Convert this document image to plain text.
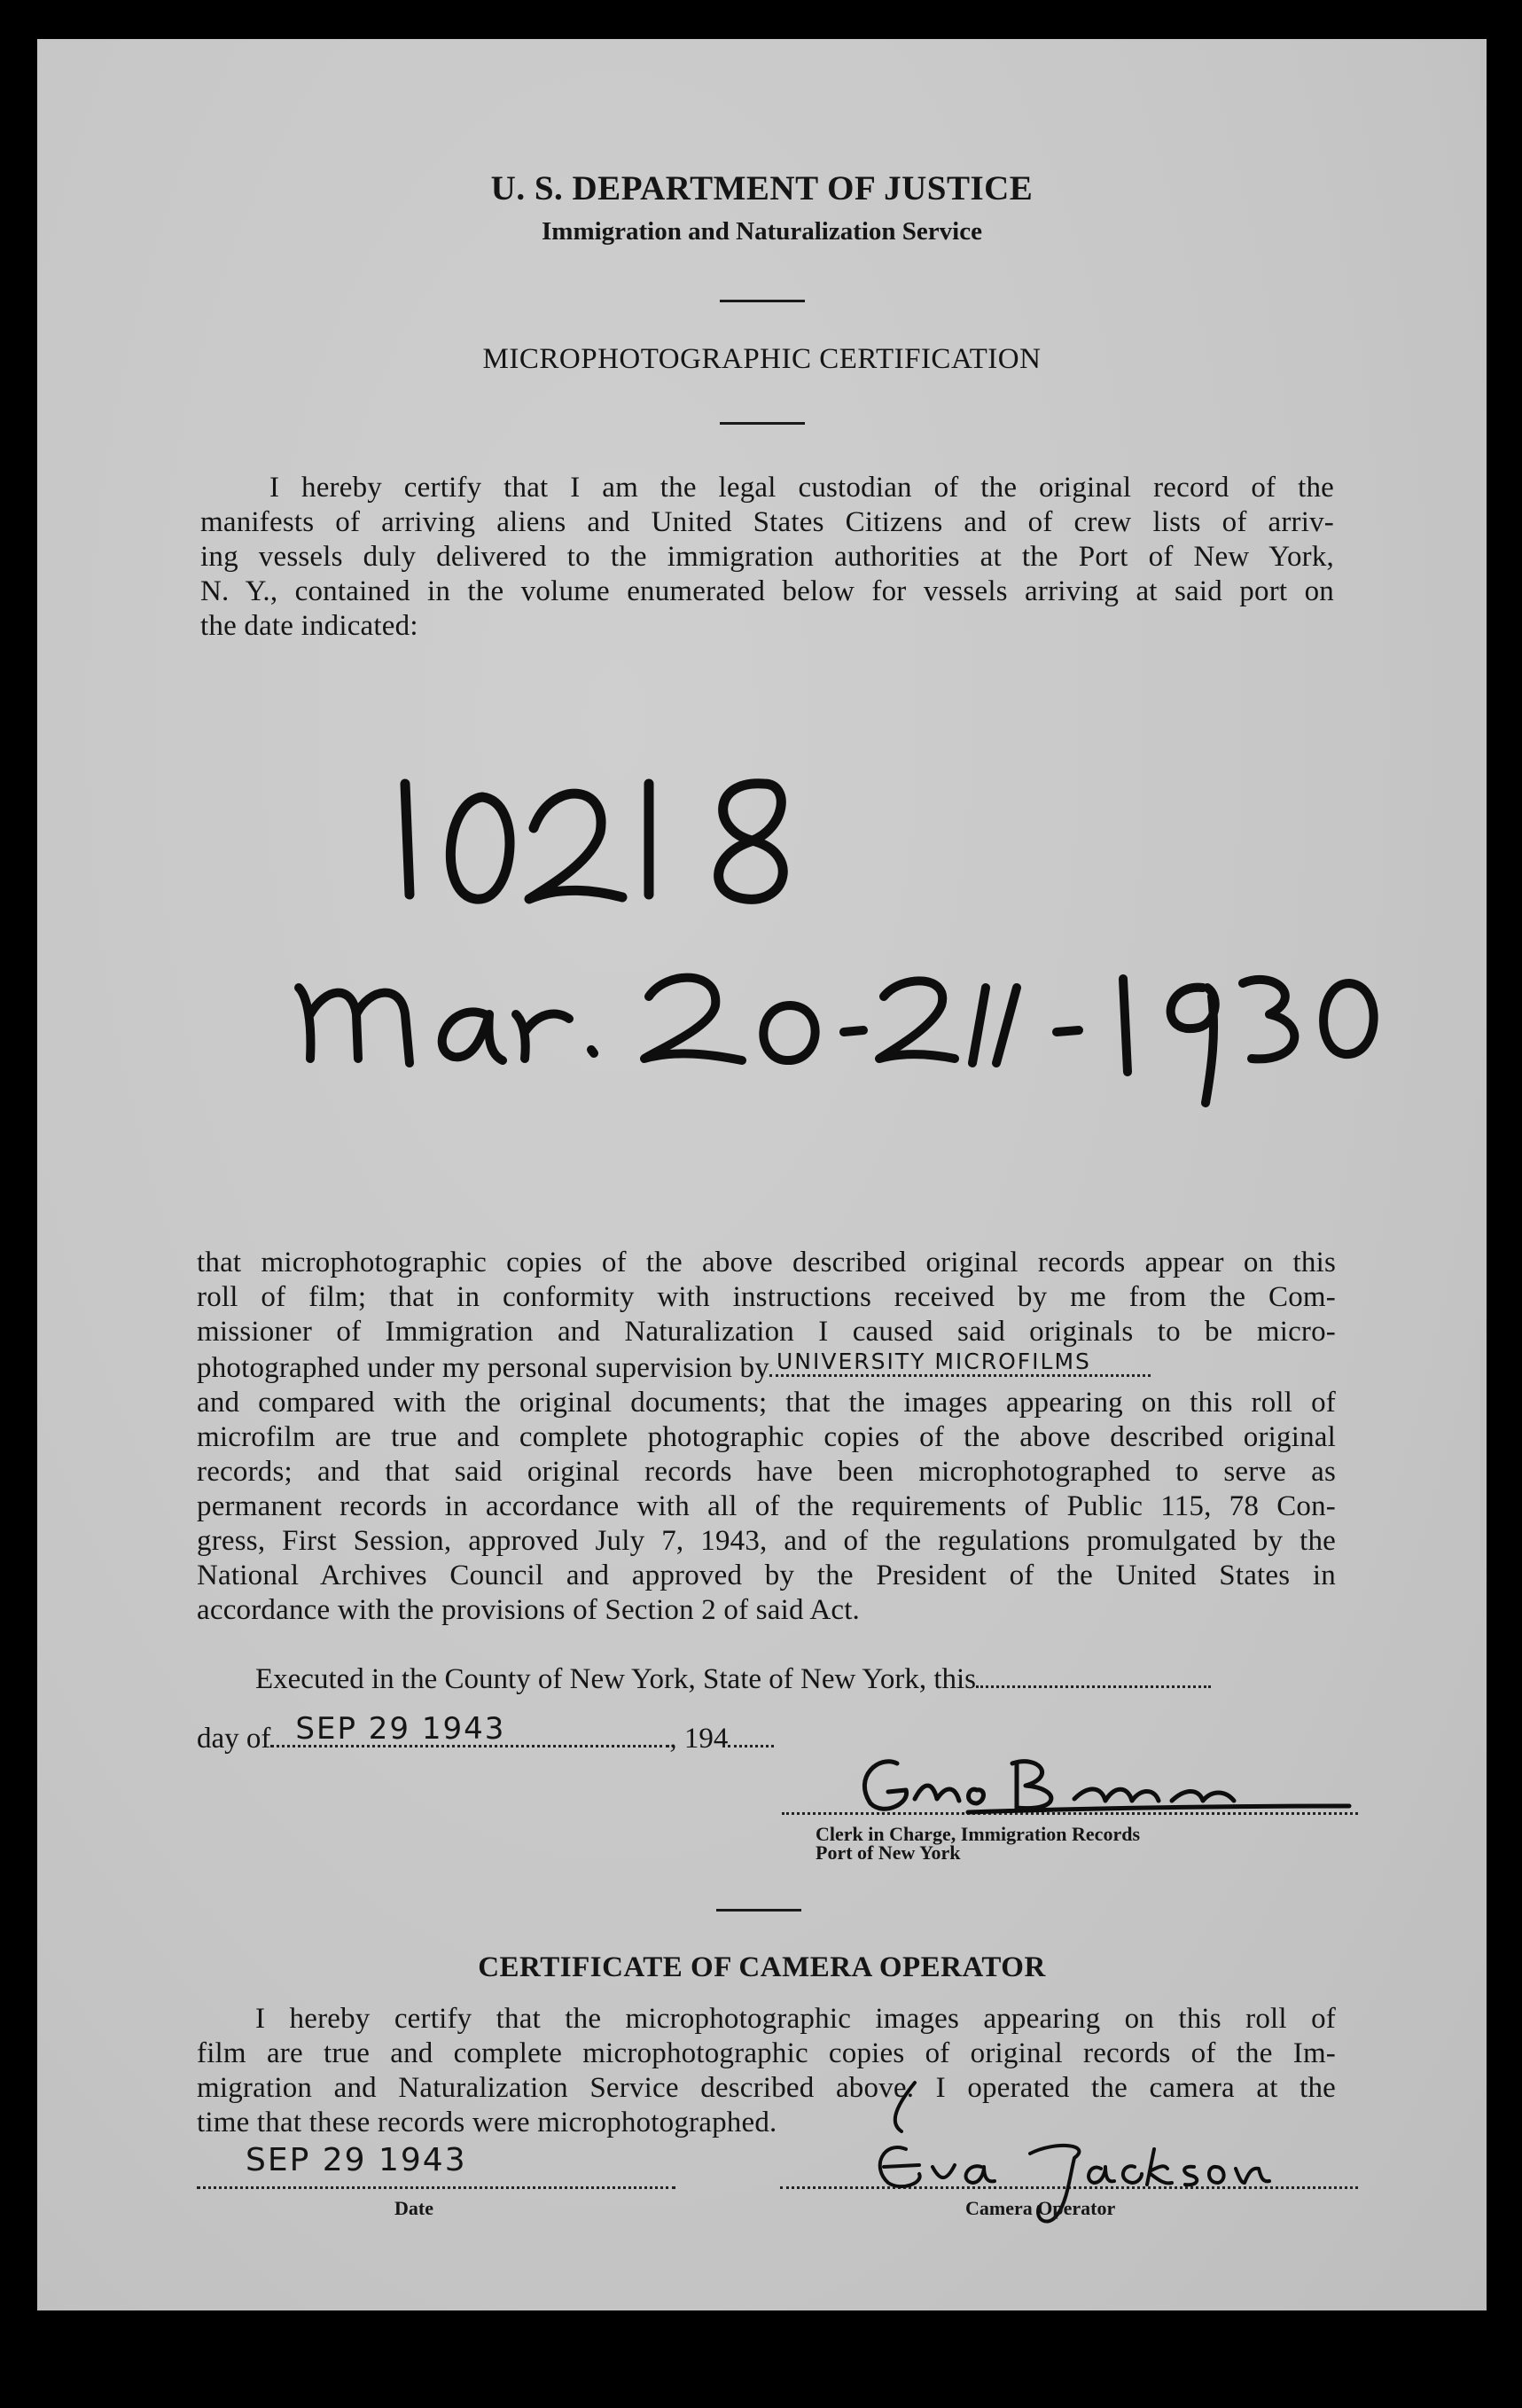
U. S. DEPARTMENT OF JUSTICE
Immigration and Naturalization Service
MICROPHOTOGRAPHIC CERTIFICATION
I hereby certify that I am the legal custodian of the original record of the
manifests of arriving aliens and United States Citizens and of crew lists of arriv-
ing vessels duly delivered to the immigration authorities at the Port of New York,
N. Y., contained in the volume enumerated below for vessels arriving at said port on
the date indicated:
that microphotographic copies of the above described original records appear on this
roll of film; that in conformity with instructions received by me from the Com-
missioner of Immigration and Naturalization I caused said originals to be micro-
photographed under my personal supervision by UNIVERSITY MICROFILMS
and compared with the original documents; that the images appearing on this roll of
microfilm are true and complete photographic copies of the above described original
records; and that said original records have been microphotographed to serve as
permanent records in accordance with all of the requirements of Public 115, 78 Con-
gress, First Session, approved July 7, 1943, and of the regulations promulgated by the
National Archives Council and approved by the President of the United States in
accordance with the provisions of Section 2 of said Act.
Executed in the County of New York, State of New York, this
day of SEP 29 1943	, 194
Clerk in Charge, Immigration Records
Port of New York
CERTIFICATE OF CAMERA OPERATOR
I hereby certify that the microphotographic images appearing on this roll of
film are true and complete microphotographic copies of original records of the Im-
migration and Naturalization Service described above. I operated the camera at the
time that these records were microphotographed.
SEP 29 1943
Date	Camera Operator
